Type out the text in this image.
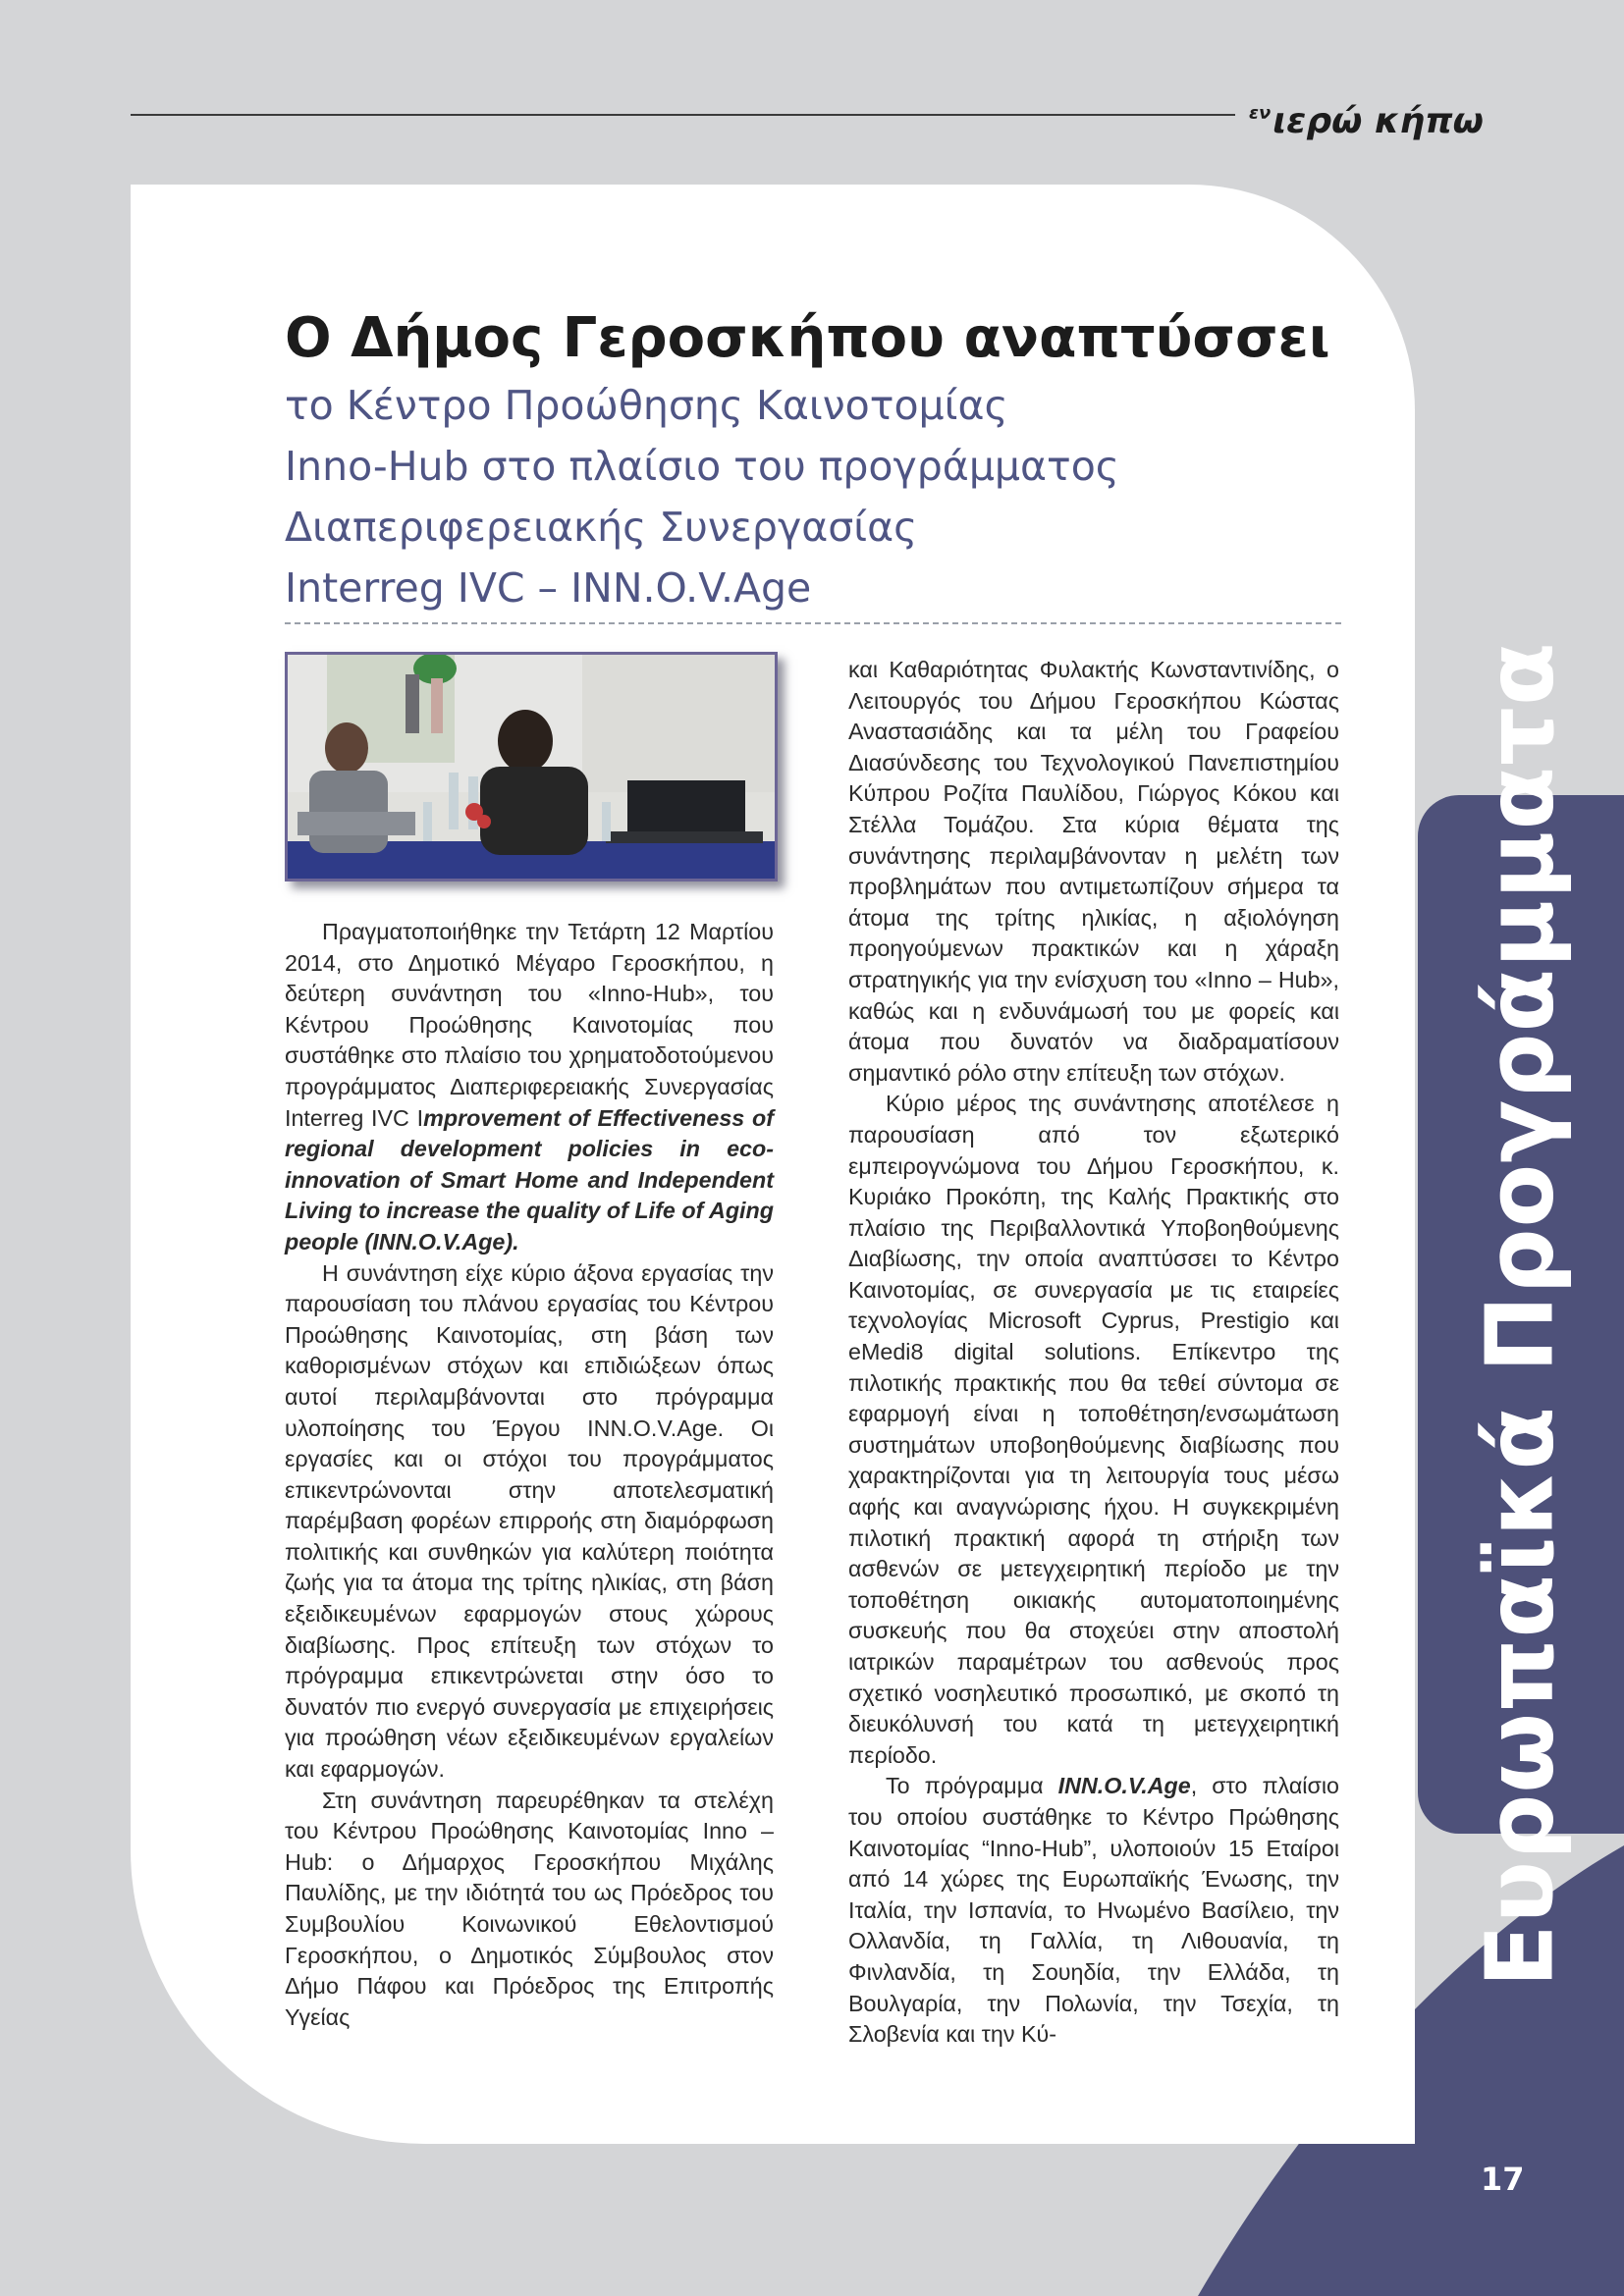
$^{\varepsilon\nu}$ιερώ κήπω
Ευρωπαϊκά Προγράμματα
Ο Δήμος Γεροσκήπου αναπτύσσει
το Κέντρο Προώθησης Καινοτομίας
Inno-Hub στο πλαίσιο του προγράμματος
Διαπεριφερειακής Συνεργασίας
Interreg IVC – INN.O.V.Age

Πραγματοποιήθηκε την Τετάρτη 12 Μαρτίου 2014, στο Δημοτικό Μέγαρο Γεροσκήπου, η δεύτερη συνάντηση του «Inno-Hub», του Κέντρου Προώθησης Καινοτομίας που συστάθηκε στο πλαίσιο του χρηματοδοτούμενου προγράμματος Διαπεριφερειακής Συνεργασίας Interreg IVC Improvement of Effectiveness of regional development policies in eco-innovation of Smart Home and Independent Living to increase the quality of Life of Aging people (INN.O.V.Age).

Η συνάντηση είχε κύριο άξονα εργασίας την παρουσίαση του πλάνου εργασίας του Κέντρου Προώθησης Καινοτομίας, στη βάση των καθορισμένων στόχων και επιδιώξεων όπως αυτοί περιλαμβάνονται στο πρόγραμμα υλοποίησης του Έργου INN.O.V.Age. Οι εργασίες και οι στόχοι του προγράμματος επικεντρώνονται στην αποτελεσματική παρέμβαση φορέων επιρροής στη διαμόρφωση πολιτικής και συνθηκών για καλύτερη ποιότητα ζωής για τα άτομα της τρίτης ηλικίας, στη βάση εξειδικευμένων εφαρμογών στους χώρους διαβίωσης. Προς επίτευξη των στόχων το πρόγραμμα επικεντρώνεται στην όσο το δυνατόν πιο ενεργό συνεργασία με επιχειρήσεις για προώθηση νέων εξειδικευμένων εργαλείων και εφαρμογών.

Στη συνάντηση παρευρέθηκαν τα στελέχη του Κέντρου Προώθησης Καινοτομίας Inno – Hub: ο Δήμαρχος Γεροσκήπου Μιχάλης Παυλίδης, με την ιδιότητά του ως Πρόεδρος του Συμβουλίου Κοινωνικού Εθελοντισμού Γεροσκήπου, ο Δημοτικός Σύμβουλος στον Δήμο Πάφου και Πρόεδρος της Επιτροπής Υγείας

και Καθαριότητας Φυλακτής Κωνσταντινίδης, ο Λειτουργός του Δήμου Γεροσκήπου Κώστας Αναστασιάδης και τα μέλη του Γραφείου Διασύνδεσης του Τεχνολογικού Πανεπιστημίου Κύπρου Ροζίτα Παυλίδου, Γιώργος Κόκου και Στέλλα Τομάζου. Στα κύρια θέματα της συνάντησης περιλαμβάνονταν η μελέτη των προβλημάτων που αντιμετωπίζουν σήμερα τα άτομα της τρίτης ηλικίας, η αξιολόγηση προηγούμενων πρακτικών και η χάραξη στρατηγικής για την ενίσχυση του «Inno – Hub», καθώς και η ενδυνάμωσή του με φορείς και άτομα που δυνατόν να διαδραματίσουν σημαντικό ρόλο στην επίτευξη των στόχων.

Κύριο μέρος της συνάντησης αποτέλεσε η παρουσίαση από τον εξωτερικό εμπειρογνώμονα του Δήμου Γεροσκήπου, κ. Κυριάκο Προκόπη, της Καλής Πρακτικής στο πλαίσιο της Περιβαλλοντικά Υποβοηθούμενης Διαβίωσης, την οποία αναπτύσσει το Κέντρο Καινοτομίας, σε συνεργασία με τις εταιρείες τεχνολογίας Microsoft Cyprus, Prestigio και eMedi8 digital solutions. Επίκεντρο της πιλοτικής πρακτικής που θα τεθεί σύντομα σε εφαρμογή είναι η τοποθέτηση/ενσωμάτωση συστημάτων υποβοηθούμενης διαβίωσης που χαρακτηρίζονται για τη λειτουργία τους μέσω αφής και αναγνώρισης ήχου. Η συγκεκριμένη πιλοτική πρακτική αφορά τη στήριξη των ασθενών σε μετεγχειρητική περίοδο με την τοποθέτηση οικιακής αυτοματοποιημένης συσκευής που θα στοχεύει στην αποστολή ιατρικών παραμέτρων του ασθενούς προς σχετικό νοσηλευτικό προσωπικό, με σκοπό τη διευκόλυνσή του κατά τη μετεγχειρητική περίοδο.

Το πρόγραμμα INN.O.V.Age, στο πλαίσιο του οποίου συστάθηκε το Κέντρο Πρώθησης Καινοτομίας “Inno-Hub”, υλοποιούν 15 Εταίροι από 14 χώρες της Ευρωπαϊκής Ένωσης, την Ιταλία, την Ισπανία, το Ηνωμένο Βασίλειο, την Ολλανδία, τη Γαλλία, τη Λιθουανία, τη Φινλανδία, τη Σουηδία, την Ελλάδα, τη Βουλγαρία, την Πολωνία, την Τσεχία, τη Σλοβενία και την Κύ-

17
